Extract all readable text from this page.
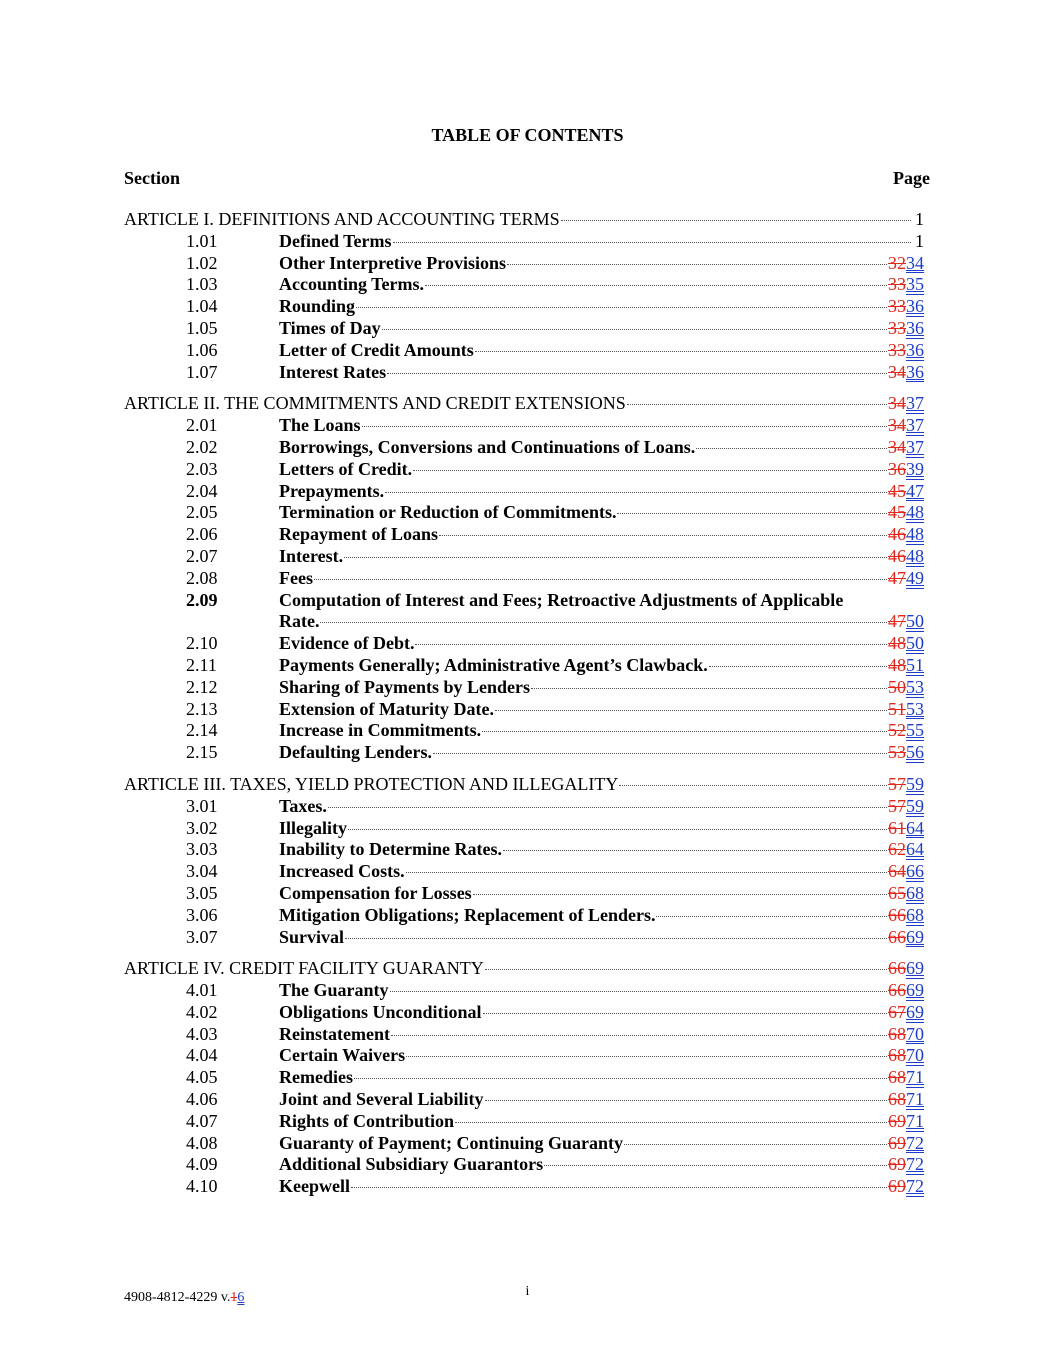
TABLE OF CONTENTS
Section	Page
ARTICLE I. DEFINITIONS AND ACCOUNTING TERMS	1
1.01	Defined Terms	1
1.02	Other Interpretive Provisions	3234
1.03	Accounting Terms.	3335
1.04	Rounding	3336
1.05	Times of Day	3336
1.06	Letter of Credit Amounts	3336
1.07	Interest Rates	3436
ARTICLE II. THE COMMITMENTS AND CREDIT EXTENSIONS	3437
2.01	The Loans	3437
2.02	Borrowings, Conversions and Continuations of Loans.	3437
2.03	Letters of Credit.	3639
2.04	Prepayments.	4547
2.05	Termination or Reduction of Commitments.	4548
2.06	Repayment of Loans	4648
2.07	Interest.	4648
2.08	Fees	4749
2.09	Computation of Interest and Fees; Retroactive Adjustments of Applicable
Rate.	4750
2.10	Evidence of Debt.	4850
2.11	Payments Generally; Administrative Agent’s Clawback.	4851
2.12	Sharing of Payments by Lenders	5053
2.13	Extension of Maturity Date.	5153
2.14	Increase in Commitments.	5255
2.15	Defaulting Lenders.	5356
ARTICLE III. TAXES, YIELD PROTECTION AND ILLEGALITY	5759
3.01	Taxes.	5759
3.02	Illegality	6164
3.03	Inability to Determine Rates.	6264
3.04	Increased Costs.	6466
3.05	Compensation for Losses	6568
3.06	Mitigation Obligations; Replacement of Lenders.	6668
3.07	Survival	6669
ARTICLE IV. CREDIT FACILITY GUARANTY	6669
4.01	The Guaranty	6669
4.02	Obligations Unconditional	6769
4.03	Reinstatement	6870
4.04	Certain Waivers	6870
4.05	Remedies	6871
4.06	Joint and Several Liability	6871
4.07	Rights of Contribution	6971
4.08	Guaranty of Payment; Continuing Guaranty	6972
4.09	Additional Subsidiary Guarantors	6972
4.10	Keepwell	6972
4908-4812-4229 v.16	i
